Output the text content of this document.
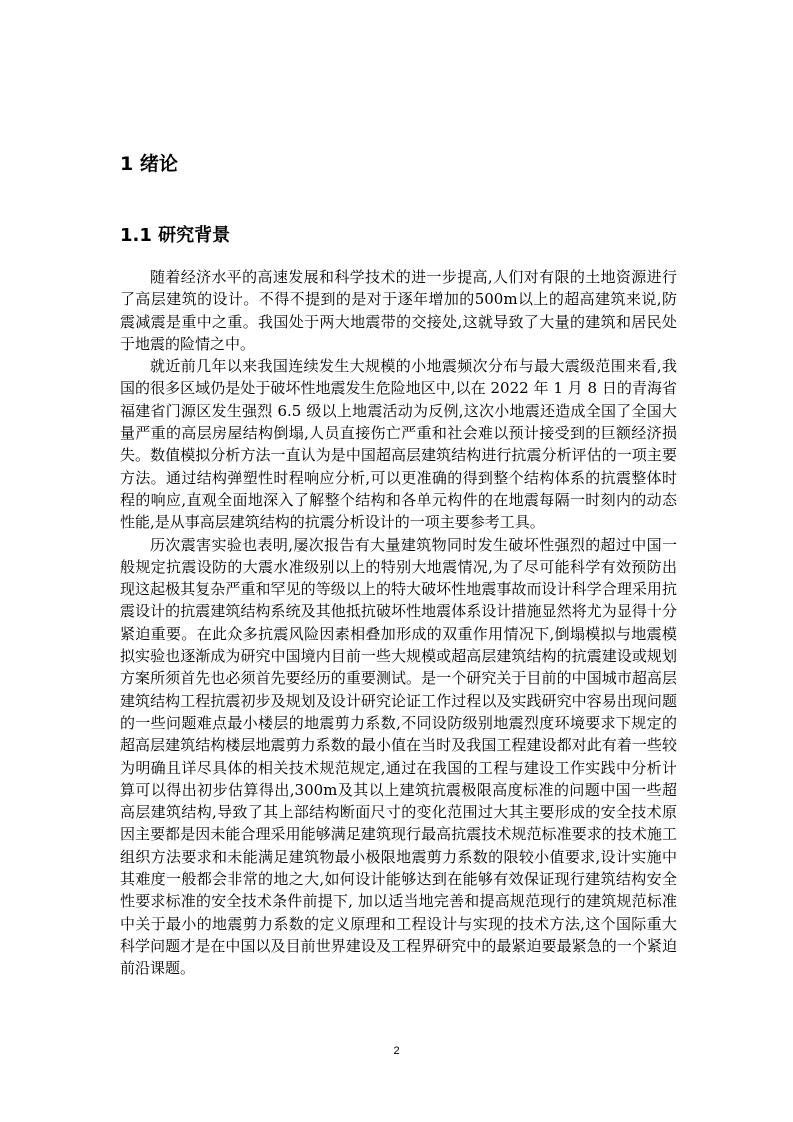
1 绪论
1.1 研究背景

随着经济水平的高速发展和科学技术的进一步提高,人们对有限的土地资源进行了高层建筑的设计。不得不提到的是对于逐年增加的500m以上的超高建筑来说,防震减震是重中之重。我国处于两大地震带的交接处,这就导致了大量的建筑和居民处于地震的险情之中。

就近前几年以来我国连续发生大规模的小地震频次分布与最大震级范围来看,我国的很多区域仍是处于破坏性地震发生危险地区中,以在 2022 年 1 月 8 日的青海省福建省门源区发生强烈 6.5 级以上地震活动为反例,这次小地震还造成全国了全国大量严重的高层房屋结构倒塌,人员直接伤亡严重和社会难以预计接受到的巨额经济损失。数值模拟分析方法一直认为是中国超高层建筑结构进行抗震分析评估的一项主要方法。通过结构弹塑性时程响应分析,可以更准确的得到整个结构体系的抗震整体时程的响应,直观全面地深入了解整个结构和各单元构件的在地震每隔一时刻内的动态性能,是从事高层建筑结构的抗震分析设计的一项主要参考工具。

历次震害实验也表明,屡次报告有大量建筑物同时发生破坏性强烈的超过中国一般规定抗震设防的大震水准级别以上的特别大地震情况,为了尽可能科学有效预防出现这起极其复杂严重和罕见的等级以上的特大破坏性地震事故而设计科学合理采用抗震设计的抗震建筑结构系统及其他抵抗破坏性地震体系设计措施显然将尤为显得十分紧迫重要。在此众多抗震风险因素相叠加形成的双重作用情况下,倒塌模拟与地震模拟实验也逐渐成为研究中国境内目前一些大规模或超高层建筑结构的抗震建设或规划方案所须首先也必须首先要经历的重要测试。是一个研究关于目前的中国城市超高层建筑结构工程抗震初步及规划及设计研究论证工作过程以及实践研究中容易出现问题的一些问题难点最小楼层的地震剪力系数,不同设防级别地震烈度环境要求下规定的超高层建筑结构楼层地震剪力系数的最小值在当时及我国工程建设都对此有着一些较为明确且详尽具体的相关技术规范规定,通过在我国的工程与建设工作实践中分析计算可以得出初步估算得出,300m及其以上建筑抗震极限高度标准的问题中国一些超高层建筑结构,导致了其上部结构断面尺寸的变化范围过大其主要形成的安全技术原因主要都是因未能合理采用能够满足建筑现行最高抗震技术规范标准要求的技术施工组织方法要求和未能满足建筑物最小极限地震剪力系数的限较小值要求,设计实施中其难度一般都会非常的地之大,如何设计能够达到在能够有效保证现行建筑结构安全性要求标准的安全技术条件前提下, 加以适当地完善和提高规范现行的建筑规范标准中关于最小的地震剪力系数的定义原理和工程设计与实现的技术方法,这个国际重大科学问题才是在中国以及目前世界建设及工程界研究中的最紧迫要最紧急的一个紧迫前沿课题。

2
